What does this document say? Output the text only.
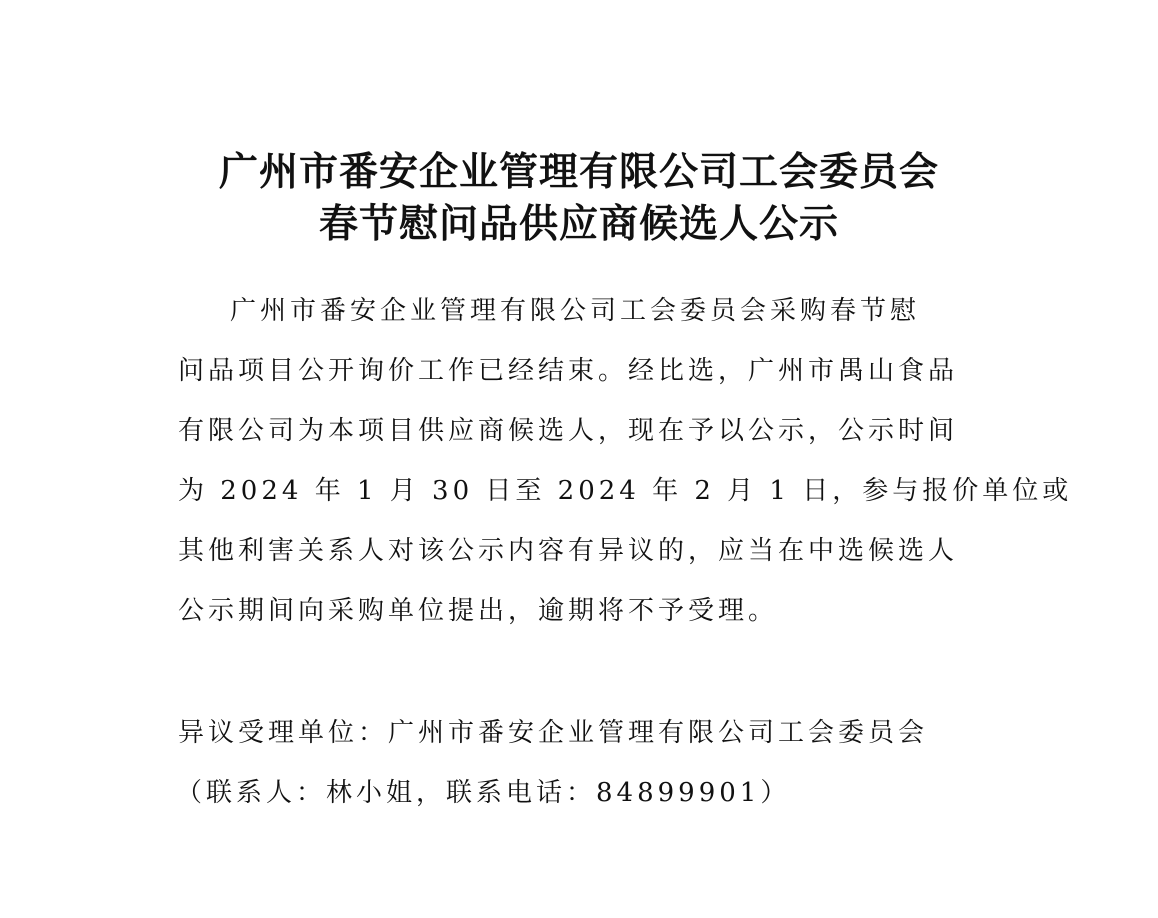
广州市番安企业管理有限公司工会委员会
春节慰问品供应商候选人公示
广州市番安企业管理有限公司工会委员会采购春节慰
问品项目公开询价工作已经结束。经比选，广州市禺山食品
有限公司为本项目供应商候选人，现在予以公示，公示时间
为 2024 年 1 月 30 日至 2024 年 2 月 1 日，参与报价单位或
其他利害关系人对该公示内容有异议的，应当在中选候选人
公示期间向采购单位提出，逾期将不予受理。
异议受理单位：广州市番安企业管理有限公司工会委员会
（联系人：林小姐，联系电话：84899901）
